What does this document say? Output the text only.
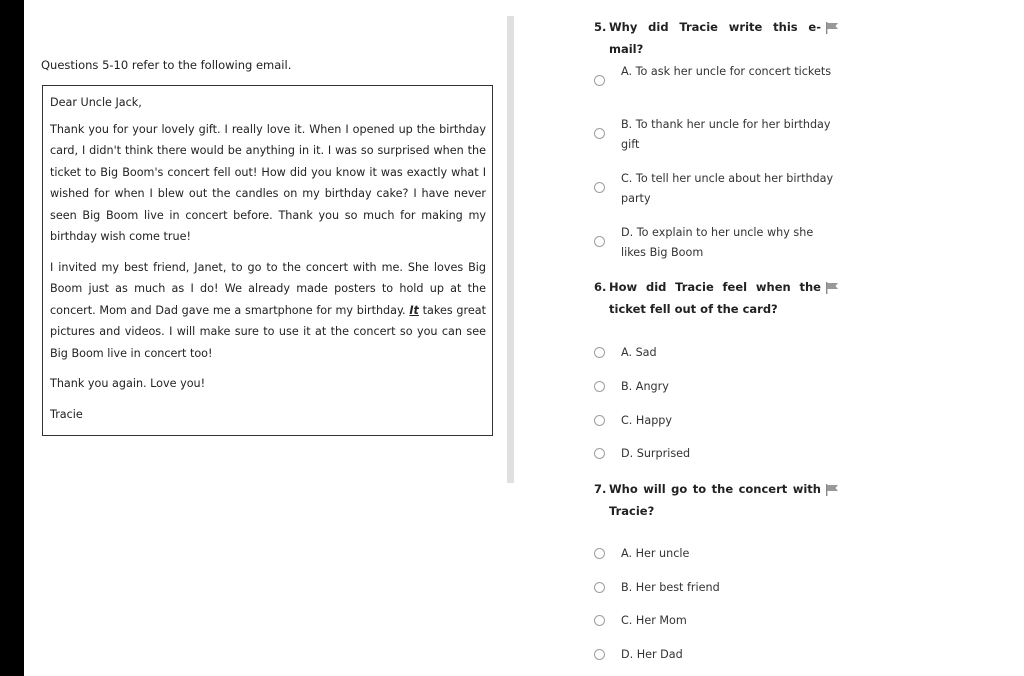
Questions 5-10 refer to the following email.

Dear Uncle Jack,

Thank you for your lovely gift. I really love it. When I opened up the birthday card, I didn't think there would be anything in it. I was so surprised when the ticket to Big Boom's concert fell out! How did you know it was exactly what I wished for when I blew out the candles on my birthday cake? I have never seen Big Boom live in concert before. Thank you so much for making my birthday wish come true!

I invited my best friend, Janet, to go to the concert with me. She loves Big Boom just as much as I do! We already made posters to hold up at the concert. Mom and Dad gave me a smartphone for my birthday. It takes great pictures and videos. I will make sure to use it at the concert so you can see Big Boom live in concert too!

Thank you again. Love you!

Tracie

5. Why did Tracie write this e-mail?
A. To ask her uncle for concert tickets
B. To thank her uncle for her birthday gift
C. To tell her uncle about her birthday party
D. To explain to her uncle why she likes Big Boom
6. How did Tracie feel when the ticket fell out of the card?
A. Sad
B. Angry
C. Happy
D. Surprised
7. Who will go to the concert with Tracie?
A. Her uncle
B. Her best friend
C. Her Mom
D. Her Dad
